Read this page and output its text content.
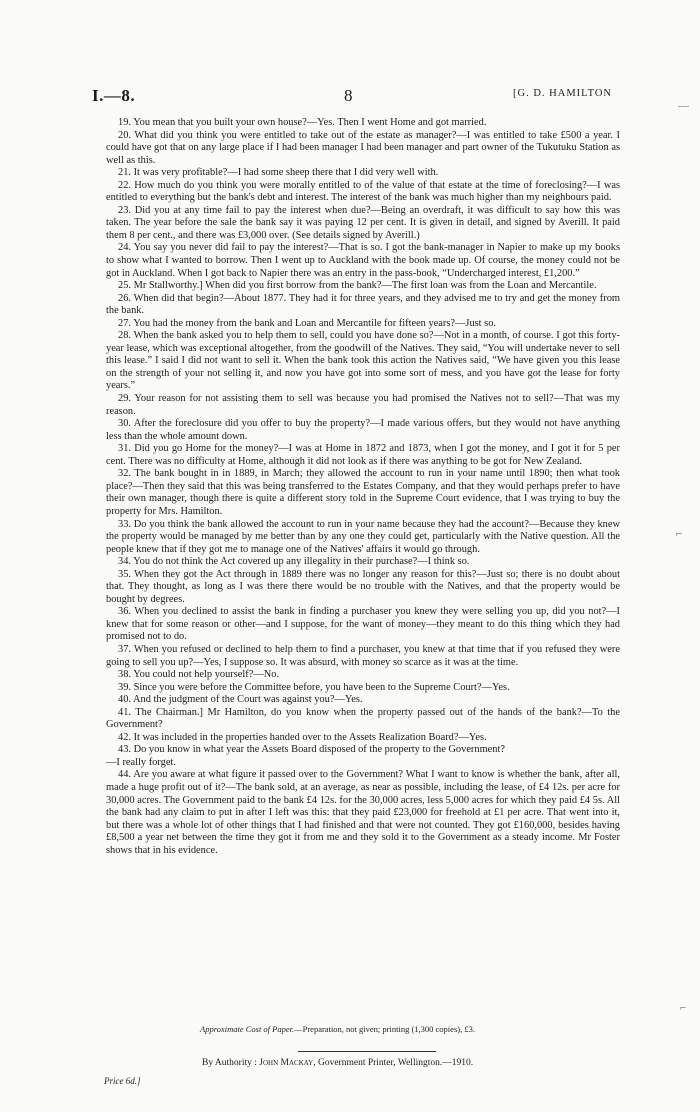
I.—8.	8	[G. D. HAMILTON

19. You mean that you built your own house?—Yes. Then I went Home and got married.

20. What did you think you were entitled to take out of the estate as manager?—I was entitled to take £500 a year. I could have got that on any large place if I had been manager I had been manager and part owner of the Tukutuku Station as well as this.

21. It was very profitable?—I had some sheep there that I did very well with.

22. How much do you think you were morally entitled to of the value of that estate at the time of foreclosing?—I was entitled to everything but the bank's debt and interest. The interest of the bank was much higher than my neighbours paid.

23. Did you at any time fail to pay the interest when due?—Being an overdraft, it was difficult to say how this was taken. The year before the sale the bank say it was paying 12 per cent. It is given in detail, and signed by Averill. It paid them 8 per cent., and there was £3,000 over. (See details signed by Averill.)

24. You say you never did fail to pay the interest?—That is so. I got the bank-manager in Napier to make up my books to show what I wanted to borrow. Then I went up to Auckland with the book made up. Of course, the money could not be got in Auckland. When I got back to Napier there was an entry in the pass-book, “Undercharged interest, £1,200.”

25. Mr Stallworthy.] When did you first borrow from the bank?—The first loan was from the Loan and Mercantile.

26. When did that begin?—About 1877. They had it for three years, and they advised me to try and get the money from the bank.

27. You had the money from the bank and Loan and Mercantile for fifteen years?—Just so.

28. When the bank asked you to help them to sell, could you have done so?—Not in a month, of course. I got this forty-year lease, which was exceptional altogether, from the goodwill of the Natives. They said, “You will undertake never to sell this lease.” I said I did not want to sell it. When the bank took this action the Natives said, “We have given you this lease on the strength of your not selling it, and now you have got into some sort of mess, and you have got the lease for forty years.”

29. Your reason for not assisting them to sell was because you had promised the Natives not to sell?—That was my reason.

30. After the foreclosure did you offer to buy the property?—I made various offers, but they would not have anything less than the whole amount down.

31. Did you go Home for the money?—I was at Home in 1872 and 1873, when I got the money, and I got it for 5 per cent. There was no difficulty at Home, although it did not look as if there was anything to be got for New Zealand.

32. The bank bought in in 1889, in March; they allowed the account to run in your name until 1890; then what took place?—Then they said that this was being transferred to the Estates Company, and that they would perhaps prefer to have their own manager, though there is quite a different story told in the Supreme Court evidence, that I was trying to buy the property for Mrs. Hamilton.

33. Do you think the bank allowed the account to run in your name because they had the account?—Because they knew the property would be managed by me better than by any one they could get, particularly with the Native question. All the people knew that if they got me to manage one of the Natives' affairs it would go through.

34. You do not think the Act covered up any illegality in their purchase?—I think so.

35. When they got the Act through in 1889 there was no longer any reason for this?—Just so; there is no doubt about that. They thought, as long as I was there there would be no trouble with the Natives, and that the property would be bought by degrees.

36. When you declined to assist the bank in finding a purchaser you knew they were selling you up, did you not?—I knew that for some reason or other—and I suppose, for the want of money—they meant to do this thing which they had promised not to do.

37. When you refused or declined to help them to find a purchaser, you knew at that time that if you refused they were going to sell you up?—Yes, I suppose so. It was absurd, with money so scarce as it was at the time.

38. You could not help yourself?—No.

39. Since you were before the Committee before, you have been to the Supreme Court?—Yes.

40. And the judgment of the Court was against you?—Yes.

41. The Chairman.] Mr Hamilton, do you know when the property passed out of the hands of the bank?—To the Government?

42. It was included in the properties handed over to the Assets Realization Board?—Yes.

43. Do you know in what year the Assets Board disposed of the property to the Government?

—I really forget.

44. Are you aware at what figure it passed over to the Government? What I want to know is whether the bank, after all, made a huge profit out of it?—The bank sold, at an average, as near as possible, including the lease, of £4 12s. per acre for 30,000 acres. The Government paid to the bank £4 12s. for the 30,000 acres, less 5,000 acres for which they paid £4 5s. All the bank had any claim to put in after I left was this: that they paid £23,000 for freehold at £1 per acre. That went into it, but there was a whole lot of other things that I had finished and that were not counted. They got £160,000, besides having £8,500 a year net between the time they got it from me and they sold it to the Government as a steady income. Mr Foster shows that in his evidence.

Approximate Cost of Paper.—Preparation, not given; printing (1,300 copies), £3.
By Authority : John Mackay, Government Printer, Wellington.—1910.
Price 6d.]
—
⌐
⌐
